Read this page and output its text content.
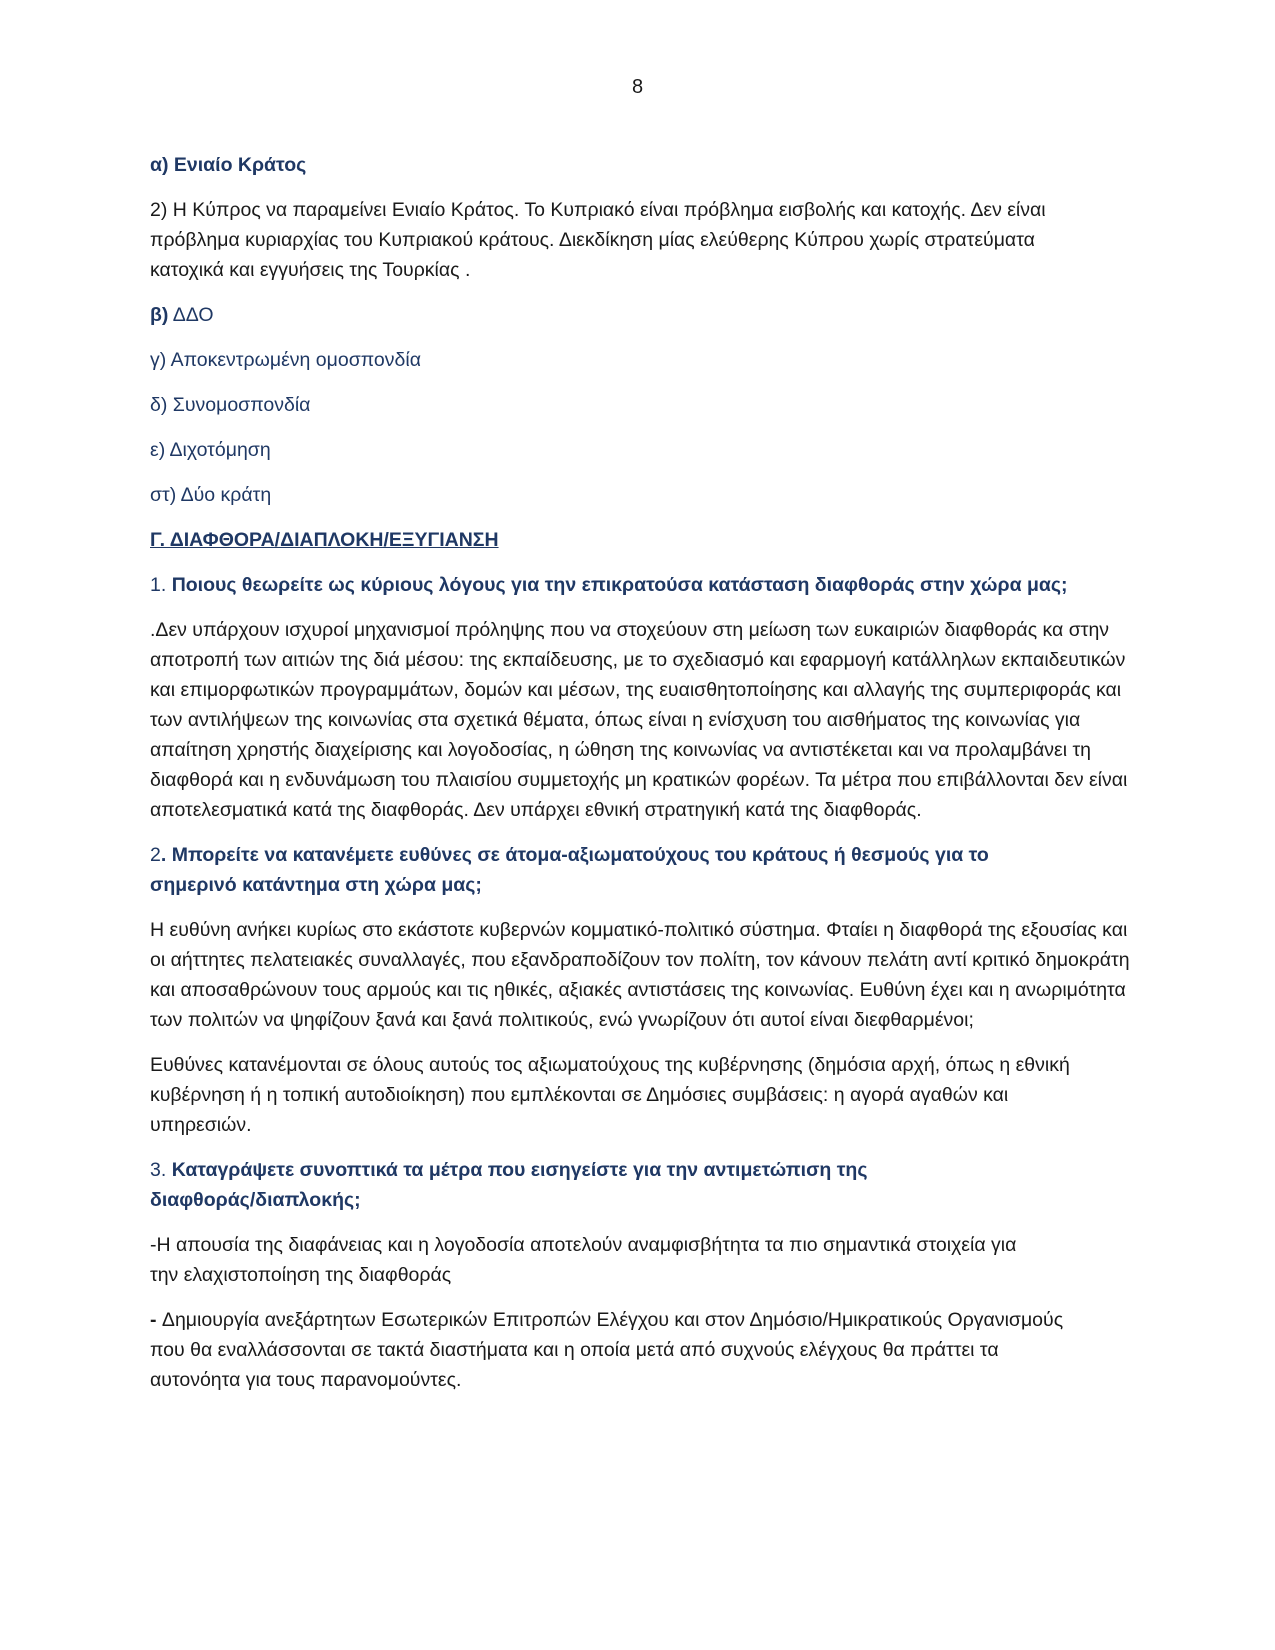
8

α) Ενιαίο Κράτος

2) Η Κύπρος να παραμείνει Ενιαίο Κράτος. Το Κυπριακό είναι πρόβλημα εισβολής και κατοχής. Δεν είναι πρόβλημα κυριαρχίας του Κυπριακού κράτους. Διεκδίκηση μίας ελεύθερης Κύπρου χωρίς στρατεύματα κατοχικά και εγγυήσεις της Τουρκίας .

β) ΔΔΟ

γ) Αποκεντρωμένη ομοσπονδία

δ) Συνομοσπονδία

ε) Διχοτόμηση

στ) Δύο κράτη

Γ. ΔΙΑΦΘΟΡΑ/ΔΙΑΠΛΟΚΗ/ΕΞΥΓΙΑΝΣΗ

1. Ποιους θεωρείτε ως κύριους λόγους για την επικρατούσα κατάσταση διαφθοράς στην χώρα μας;

.Δεν υπάρχουν ισχυροί μηχανισμοί πρόληψης που να στοχεύουν στη μείωση των ευκαιριών διαφθοράς κα στην αποτροπή των αιτιών της διά μέσου: της εκπαίδευσης, με το σχεδιασμό και εφαρμογή κατάλληλων εκπαιδευτικών και επιμορφωτικών προγραμμάτων, δομών και μέσων, της ευαισθητοποίησης και αλλαγής της συμπεριφοράς και των αντιλήψεων της κοινωνίας στα σχετικά θέματα, όπως είναι η ενίσχυση του αισθήματος της κοινωνίας για απαίτηση χρηστής διαχείρισης και λογοδοσίας, η ώθηση της κοινωνίας να αντιστέκεται και να προλαμβάνει τη διαφθορά και η ενδυνάμωση του πλαισίου συμμετοχής μη κρατικών φορέων. Τα μέτρα που επιβάλλονται δεν είναι αποτελεσματικά κατά της διαφθοράς. Δεν υπάρχει εθνική στρατηγική κατά της διαφθοράς.

2. Μπορείτε να κατανέμετε ευθύνες σε άτομα-αξιωματούχους του κράτους ή θεσμούς για το σημερινό κατάντημα στη χώρα μας;

Η ευθύνη ανήκει κυρίως στο εκάστοτε κυβερνών κομματικό-πολιτικό σύστημα. Φταίει η διαφθορά της εξουσίας και οι αήττητες πελατειακές συναλλαγές, που εξανδραποδίζουν τον πολίτη, τον κάνουν πελάτη αντί κριτικό δημοκράτη και αποσαθρώνουν τους αρμούς και τις ηθικές, αξιακές αντιστάσεις της κοινωνίας. Ευθύνη έχει και η ανωριμότητα των πολιτών να ψηφίζουν ξανά και ξανά πολιτικούς, ενώ γνωρίζουν ότι αυτοί είναι διεφθαρμένοι;

Ευθύνες κατανέμονται σε όλους αυτούς τος αξιωματούχους της κυβέρνησης (δημόσια αρχή, όπως η εθνική κυβέρνηση ή η τοπική αυτοδιοίκηση) που εμπλέκονται σε Δημόσιες συμβάσεις: η αγορά αγαθών και υπηρεσιών.

3. Καταγράψετε συνοπτικά τα μέτρα που εισηγείστε για την αντιμετώπιση της διαφθοράς/διαπλοκής;

-Η απουσία της διαφάνειας και η λογοδοσία αποτελούν αναμφισβήτητα τα πιο σημαντικά στοιχεία για την ελαχιστοποίηση της διαφθοράς

- Δημιουργία ανεξάρτητων Εσωτερικών Επιτροπών Ελέγχου και στον Δημόσιο/Ημικρατικούς Οργανισμούς που θα εναλλάσσονται σε τακτά διαστήματα και η οποία μετά από συχνούς ελέγχους θα πράττει τα αυτονόητα για τους παρανομούντες.
